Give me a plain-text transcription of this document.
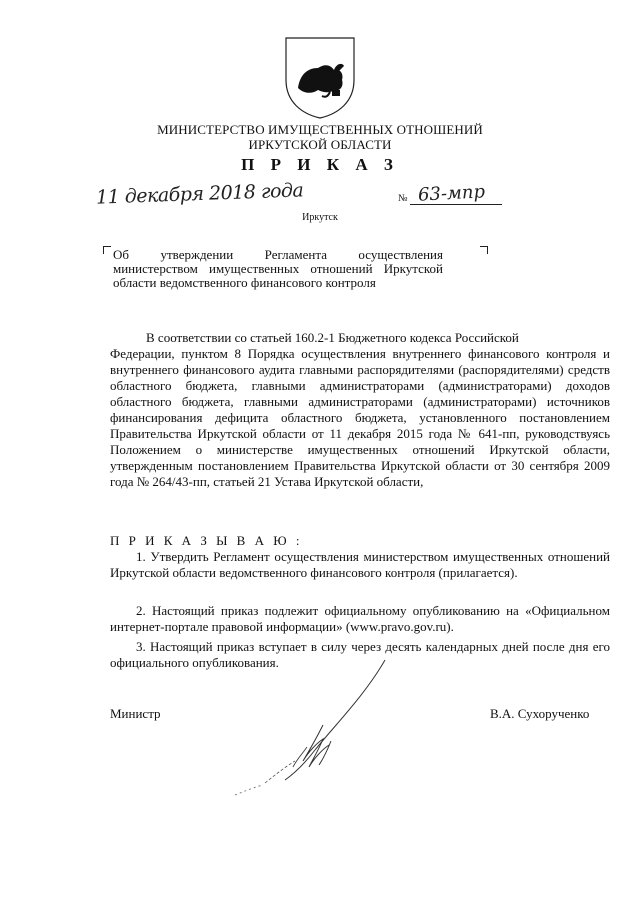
МИНИСТЕРСТВО ИМУЩЕСТВЕННЫХ ОТНОШЕНИЙ
ИРКУТСКОЙ ОБЛАСТИ
П Р И К А З
11 декабря 2018 года	№ 63-мпр
Иркутск
Об утверждении Регламента осуществления министерством имущественных отношений Иркутской области ведомственного финансового контроля
В соответствии со статьей 160.2-1 Бюджетного кодекса Российской
Федерации, пунктом 8 Порядка осуществления внутреннего финансового контроля и внутреннего финансового аудита главными распорядителями (распорядителями) средств областного бюджета, главными администраторами (администраторами) доходов областного бюджета, главными администраторами (администраторами) источников финансирования дефицита областного бюджета, установленного постановлением Правительства Иркутской области от 11 декабря 2015 года № 641-пп, руководствуясь Положением о министерстве имущественных отношений Иркутской области, утвержденным постановлением Правительства Иркутской области от 30 сентября 2009 года № 264/43-пп, статьей 21 Устава Иркутской области,
П Р И К А З Ы В А Ю :
1. Утвердить Регламент осуществления министерством имущественных отношений Иркутской области ведомственного финансового контроля (прилагается).
2. Настоящий приказ подлежит официальному опубликованию на «Официальном интернет-портале правовой информации» (www.pravo.gov.ru).
3. Настоящий приказ вступает в силу через десять календарных дней после дня его официального опубликования.
Министр	В.А. Сухорученко
